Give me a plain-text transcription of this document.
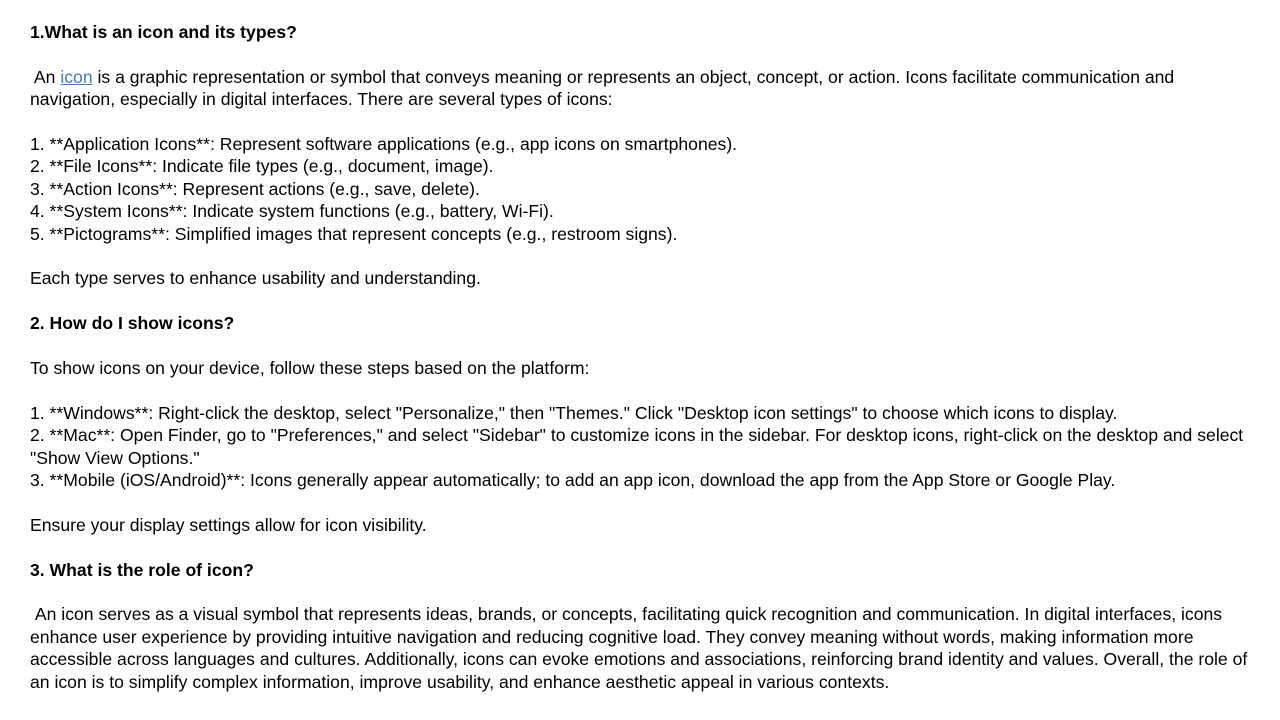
1.What is an icon and its types?

An icon is a graphic representation or symbol that conveys meaning or represents an object, concept, or action. Icons facilitate communication and navigation, especially in digital interfaces. There are several types of icons:

1. **Application Icons**: Represent software applications (e.g., app icons on smartphones).

2. **File Icons**: Indicate file types (e.g., document, image).

3. **Action Icons**: Represent actions (e.g., save, delete).

4. **System Icons**: Indicate system functions (e.g., battery, Wi-Fi).

5. **Pictograms**: Simplified images that represent concepts (e.g., restroom signs).

Each type serves to enhance usability and understanding.

2. How do I show icons?

To show icons on your device, follow these steps based on the platform:

1. **Windows**: Right-click the desktop, select "Personalize," then "Themes." Click "Desktop icon settings" to choose which icons to display.

2. **Mac**: Open Finder, go to "Preferences," and select "Sidebar" to customize icons in the sidebar. For desktop icons, right-click on the desktop and select "Show View Options."

3. **Mobile (iOS/Android)**: Icons generally appear automatically; to add an app icon, download the app from the App Store or Google Play.

Ensure your display settings allow for icon visibility.

3. What is the role of icon?

An icon serves as a visual symbol that represents ideas, brands, or concepts, facilitating quick recognition and communication. In digital interfaces, icons enhance user experience by providing intuitive navigation and reducing cognitive load. They convey meaning without words, making information more accessible across languages and cultures. Additionally, icons can evoke emotions and associations, reinforcing brand identity and values. Overall, the role of an icon is to simplify complex information, improve usability, and enhance aesthetic appeal in various contexts.
